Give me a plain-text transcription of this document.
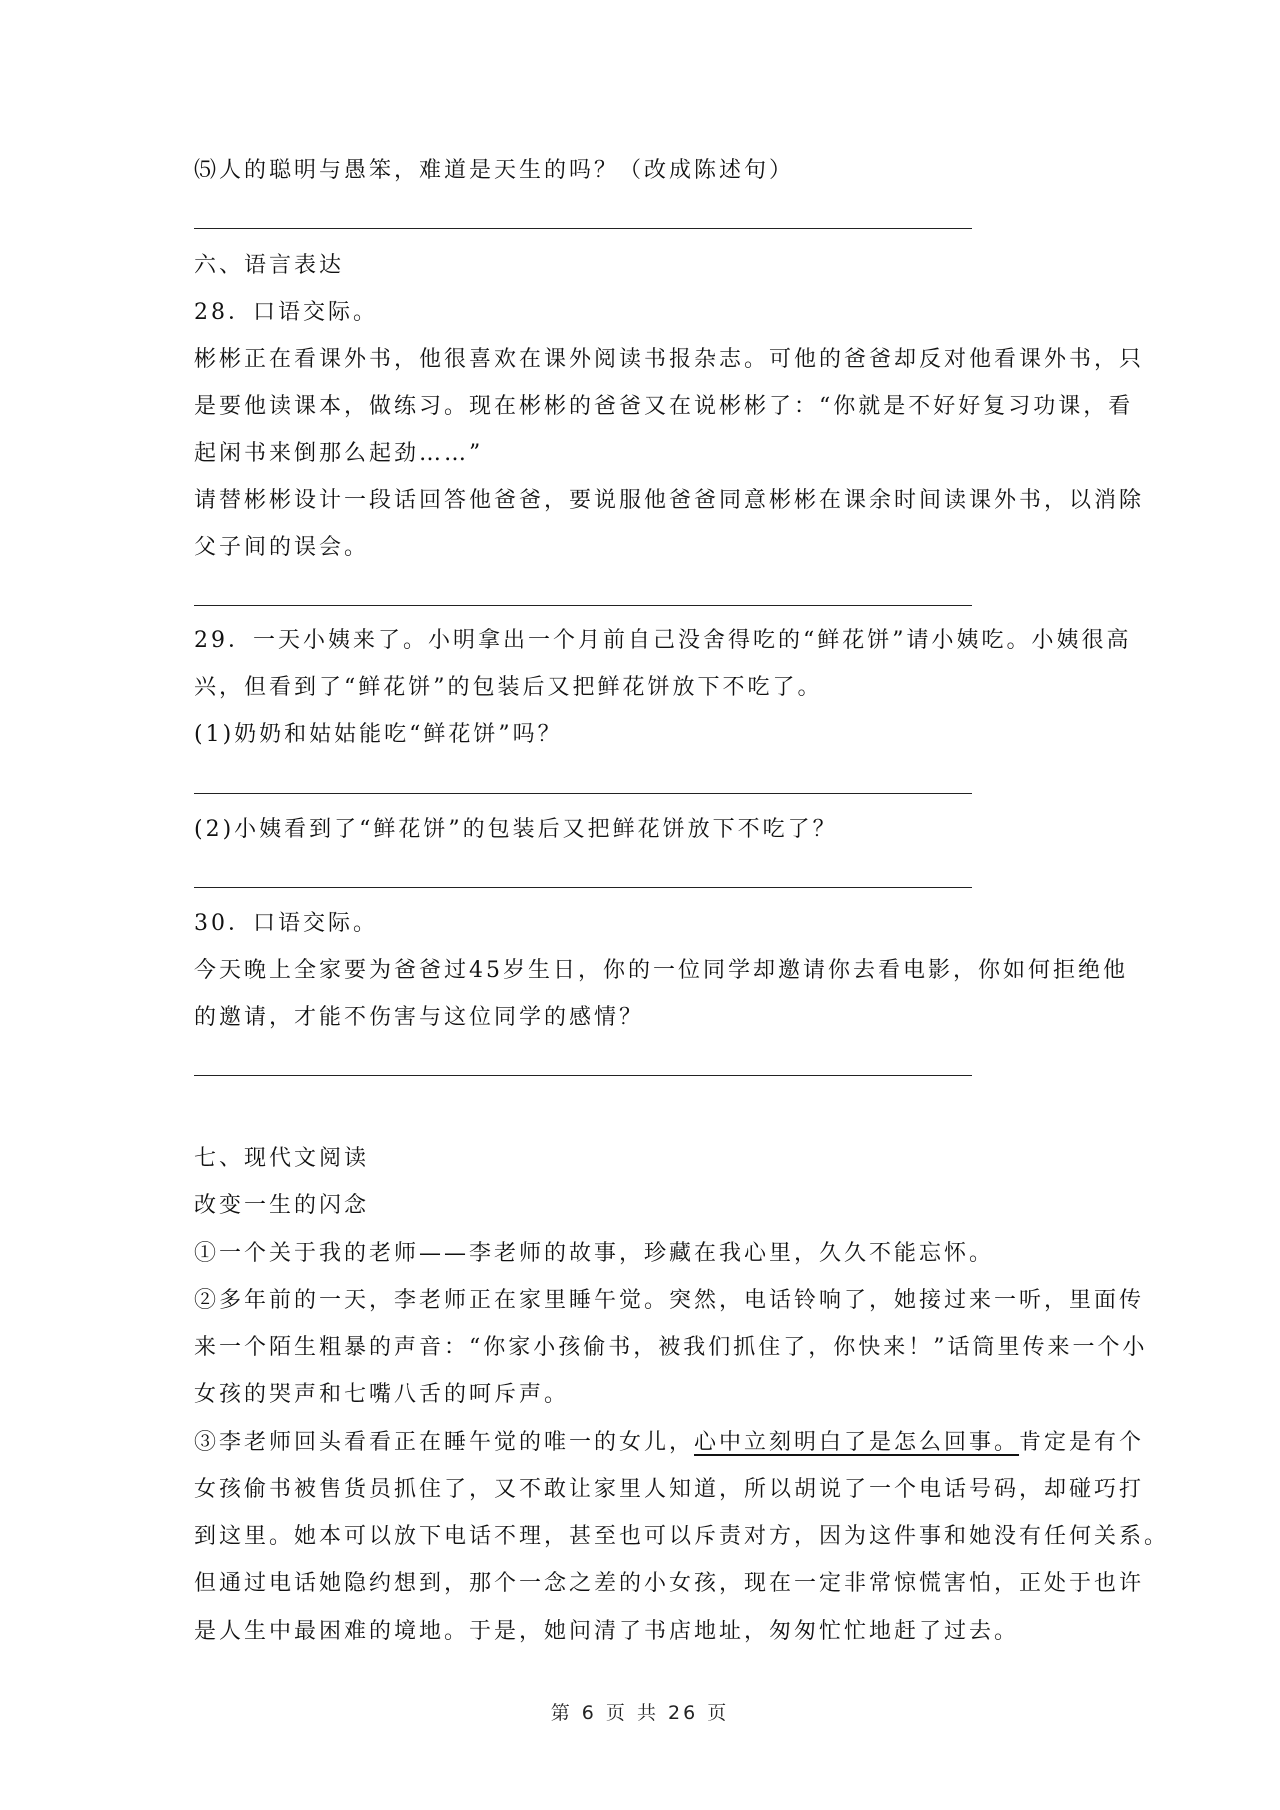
⑸人的聪明与愚笨，难道是天生的吗？（改成陈述句）
六、语言表达
28．口语交际。
彬彬正在看课外书，他很喜欢在课外阅读书报杂志。可他的爸爸却反对他看课外书，只
是要他读课本，做练习。现在彬彬的爸爸又在说彬彬了：“你就是不好好复习功课，看
起闲书来倒那么起劲……”
请替彬彬设计一段话回答他爸爸，要说服他爸爸同意彬彬在课余时间读课外书，以消除
父子间的误会。
29．一天小姨来了。小明拿出一个月前自己没舍得吃的“鲜花饼”请小姨吃。小姨很高
兴，但看到了“鲜花饼”的包装后又把鲜花饼放下不吃了。
(1)奶奶和姑姑能吃“鲜花饼”吗？
(2)小姨看到了“鲜花饼”的包装后又把鲜花饼放下不吃了？
30．口语交际。
今天晚上全家要为爸爸过45岁生日，你的一位同学却邀请你去看电影，你如何拒绝他
的邀请，才能不伤害与这位同学的感情？
七、现代文阅读
改变一生的闪念
①一个关于我的老师——李老师的故事，珍藏在我心里，久久不能忘怀。
②多年前的一天，李老师正在家里睡午觉。突然，电话铃响了，她接过来一听，里面传
来一个陌生粗暴的声音：“你家小孩偷书，被我们抓住了，你快来！”话筒里传来一个小
女孩的哭声和七嘴八舌的呵斥声。
③李老师回头看看正在睡午觉的唯一的女儿，心中立刻明白了是怎么回事。肯定是有个
女孩偷书被售货员抓住了，又不敢让家里人知道，所以胡说了一个电话号码，却碰巧打
到这里。她本可以放下电话不理，甚至也可以斥责对方，因为这件事和她没有任何关系。
但通过电话她隐约想到，那个一念之差的小女孩，现在一定非常惊慌害怕，正处于也许
是人生中最困难的境地。于是，她问清了书店地址，匆匆忙忙地赶了过去。
第 6 页 共 26 页
